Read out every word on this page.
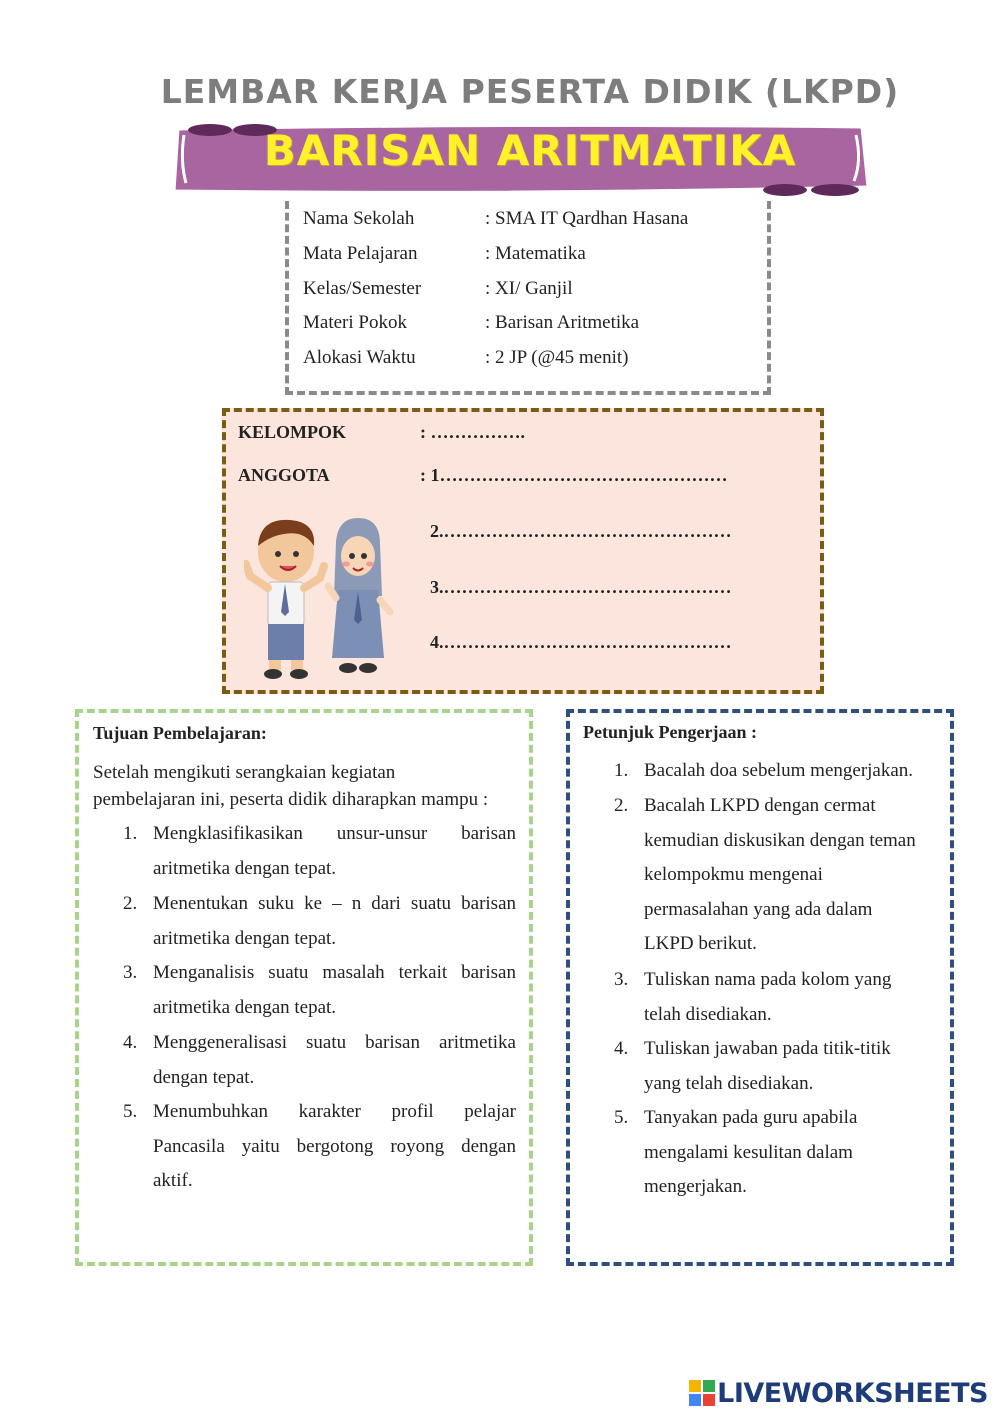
LEMBAR KERJA PESERTA DIDIK (LKPD)
BARISAN ARITMATIKA
Nama Sekolah	: SMA IT Qardhan Hasana
Mata Pelajaran	: Matematika
Kelas/Semester	: XI/ Ganjil
Materi Pokok	: Barisan Aritmetika
Alokasi Waktu	: 2 JP (@45 menit)
KELOMPOK	: …………….
ANGGOTA	: 1…………………………………………
2.…………………………………………
3.…………………………………………
4.…………………………………………
Tujuan Pembelajaran:
Setelah mengikuti serangkaian kegiatan
pembelajaran ini, peserta didik diharapkan mampu :
1. Mengklasifikasikan unsur-unsur barisan
aritmetika dengan tepat.
2. Menentukan suku ke – n dari suatu barisan
aritmetika dengan tepat.
3. Menganalisis suatu masalah terkait barisan
aritmetika dengan tepat.
4. Menggeneralisasi suatu barisan aritmetika
dengan tepat.
5. Menumbuhkan karakter profil pelajar
Pancasila yaitu bergotong royong dengan
aktif.
Petunjuk Pengerjaan :
1. Bacalah doa sebelum mengerjakan.
2. Bacalah LKPD dengan cermat
kemudian diskusikan dengan teman
kelompokmu mengenai
permasalahan yang ada dalam
LKPD berikut.
3. Tuliskan nama pada kolom yang
telah disediakan.
4. Tuliskan jawaban pada titik-titik
yang telah disediakan.
5. Tanyakan pada guru apabila
mengalami kesulitan dalam
mengerjakan.
LIVEWORKSHEETS
